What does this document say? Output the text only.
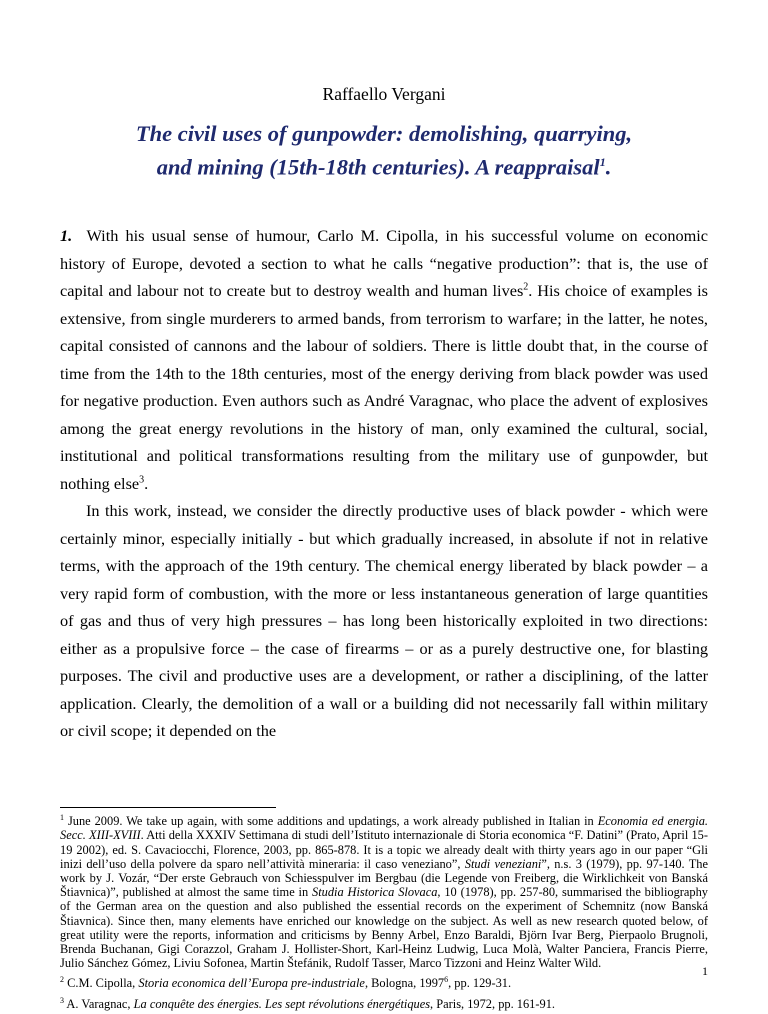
Raffaello Vergani
The civil uses of gunpowder: demolishing, quarrying,
and mining (15th-18th centuries). A reappraisal$^1$.

1. With his usual sense of humour, Carlo M. Cipolla, in his successful volume on economic history of Europe, devoted a section to what he calls “negative production”: that is, the use of capital and labour not to create but to destroy wealth and human lives$^2$. His choice of examples is extensive, from single murderers to armed bands, from terrorism to warfare; in the latter, he notes, capital consisted of cannons and the labour of soldiers. There is little doubt that, in the course of time from the 14th to the 18th centuries, most of the energy deriving from black powder was used for negative production. Even authors such as André Varagnac, who place the advent of explosives among the great energy revolutions in the history of man, only examined the cultural, social, institutional and political transformations resulting from the military use of gunpowder, but nothing else$^3$.

In this work, instead, we consider the directly productive uses of black powder - which were certainly minor, especially initially - but which gradually increased, in absolute if not in relative terms, with the approach of the 19th century. The chemical energy liberated by black powder – a very rapid form of combustion, with the more or less instantaneous generation of large quantities of gas and thus of very high pressures – has long been historically exploited in two directions: either as a propulsive force – the case of firearms – or as a purely destructive one, for blasting purposes. The civil and productive uses are a development, or rather a disciplining, of the latter application. Clearly, the demolition of a wall or a building did not necessarily fall within military or civil scope; it depended on the

$^1$ June 2009. We take up again, with some additions and updatings, a work already published in Italian in Economia ed energia. Secc. XIII-XVIII. Atti della XXXIV Settimana di studi dell’Istituto internazionale di Storia economica “F. Datini” (Prato, April 15-19 2002), ed. S. Cavaciocchi, Florence, 2003, pp. 865-878. It is a topic we already dealt with thirty years ago in our paper “Gli inizi dell’uso della polvere da sparo nell’attività mineraria: il caso veneziano”, Studi veneziani”, n.s. 3 (1979), pp. 97-140. The work by J. Vozár, “Der erste Gebrauch von Schiesspulver im Bergbau (die Legende von Freiberg, die Wirklichkeit von Banská Štiavnica)”, published at almost the same time in Studia Historica Slovaca, 10 (1978), pp. 257-80, summarised the bibliography of the German area on the question and also published the essential records on the experiment of Schemnitz (now Banská Štiavnica). Since then, many elements have enriched our knowledge on the subject. As well as new research quoted below, of great utility were the reports, information and criticisms by Benny Arbel, Enzo Baraldi, Björn Ivar Berg, Pierpaolo Brugnoli, Brenda Buchanan, Gigi Corazzol, Graham J. Hollister-Short, Karl-Heinz Ludwig, Luca Molà, Walter Panciera, Francis Pierre, Julio Sánchez Gómez, Liviu Sofonea, Martin Štefánik, Rudolf Tasser, Marco Tizzoni and Heinz Walter Wild.

$^2$ C.M. Cipolla, Storia economica dell’Europa pre-industriale, Bologna, 1997$^6$, pp. 129-31.

$^3$ A. Varagnac, La conquête des énergies. Les sept révolutions énergétiques, Paris, 1972, pp. 161-91.

1
